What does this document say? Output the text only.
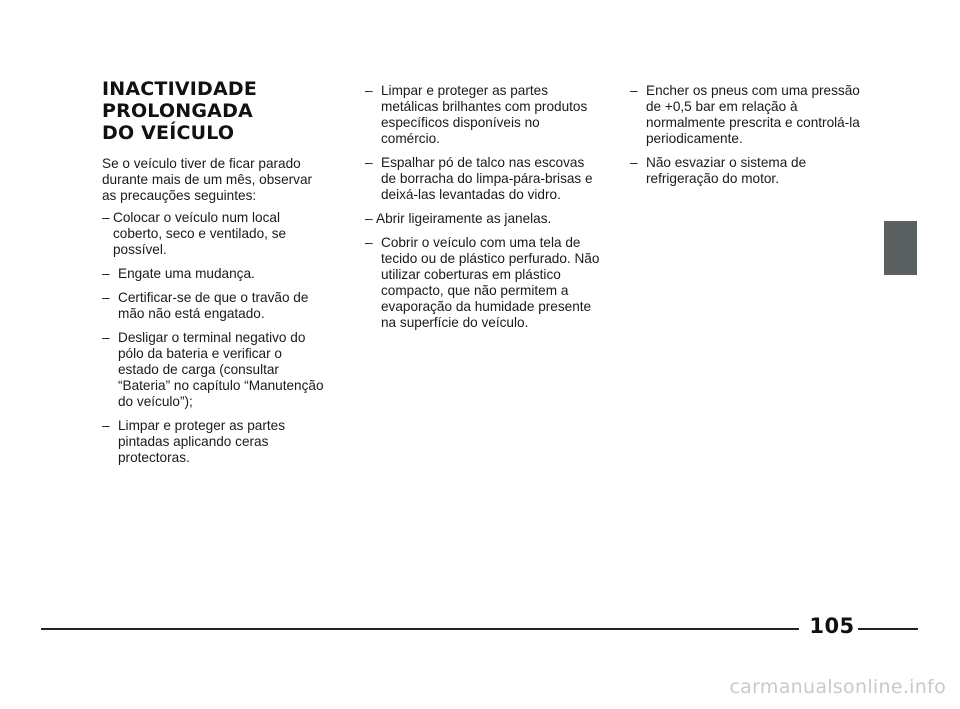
INACTIVIDADE
PROLONGADA
DO VEÍCULO

Se o veículo tiver de ficar parado durante mais de um mês, observar as precauções seguintes:

– Colocar o veículo num local coberto, seco e ventilado, se possível.
– Engate uma mudança.
– Certificar-se de que o travão de mão não está engatado.
– Desligar o terminal negativo do pólo da bateria e verificar o estado de carga (consultar “Bateria” no capítulo “Manutenção do veículo”);
– Limpar e proteger as partes pintadas aplicando ceras protectoras.
– Limpar e proteger as partes metálicas brilhantes com produtos específicos disponíveis no comércio.
– Espalhar pó de talco nas escovas de borracha do limpa-pára-brisas e deixá-las levantadas do vidro.
– Abrir ligeiramente as janelas.
– Cobrir o veículo com uma tela de tecido ou de plástico perfurado. Não utilizar coberturas em plástico compacto, que não permitem a evaporação da humidade presente na superfície do veículo.
– Encher os pneus com uma pressão de +0,5 bar em relação à normalmente prescrita e controlá-la periodicamente.
– Não esvaziar o sistema de refrigeração do motor.
105
carmanualsonline.info
